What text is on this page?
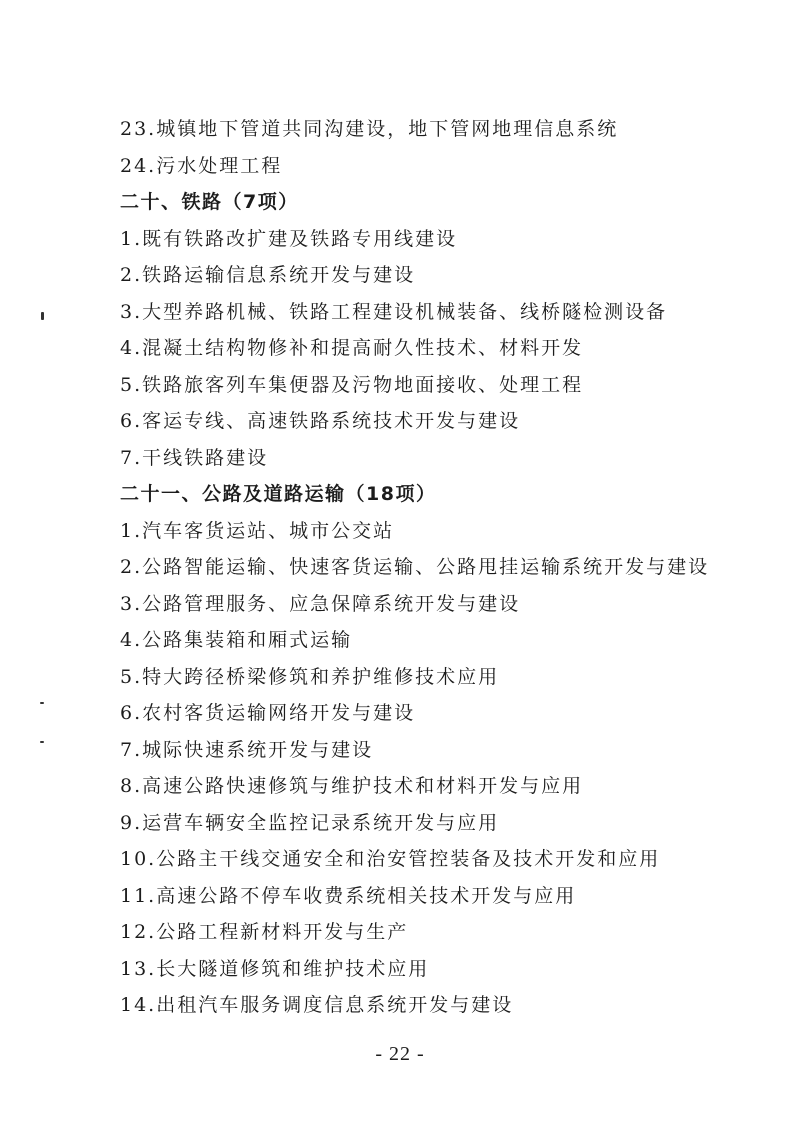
23.城镇地下管道共同沟建设，地下管网地理信息系统
24.污水处理工程
二十、铁路（7项）
1.既有铁路改扩建及铁路专用线建设
2.铁路运输信息系统开发与建设
3.大型养路机械、铁路工程建设机械装备、线桥隧检测设备
4.混凝土结构物修补和提高耐久性技术、材料开发
5.铁路旅客列车集便器及污物地面接收、处理工程
6.客运专线、高速铁路系统技术开发与建设
7.干线铁路建设
二十一、公路及道路运输（18项）
1.汽车客货运站、城市公交站
2.公路智能运输、快速客货运输、公路甩挂运输系统开发与建设
3.公路管理服务、应急保障系统开发与建设
4.公路集装箱和厢式运输
5.特大跨径桥梁修筑和养护维修技术应用
6.农村客货运输网络开发与建设
7.城际快速系统开发与建设
8.高速公路快速修筑与维护技术和材料开发与应用
9.运营车辆安全监控记录系统开发与应用
10.公路主干线交通安全和治安管控装备及技术开发和应用
11.高速公路不停车收费系统相关技术开发与应用
12.公路工程新材料开发与生产
13.长大隧道修筑和维护技术应用
14.出租汽车服务调度信息系统开发与建设
- 22 -
